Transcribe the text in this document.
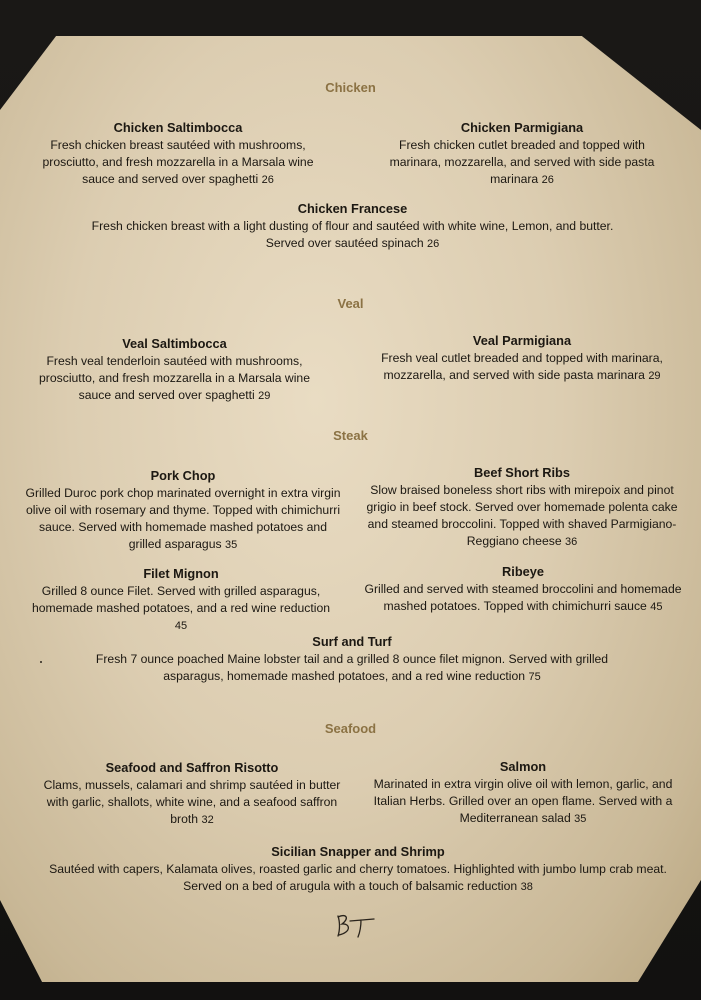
Chicken
Veal
Steak
Seafood
Chicken Saltimbocca
Fresh chicken breast sautéed with mushrooms, prosciutto, and fresh mozzarella in a Marsala wine sauce and served over spaghetti 26
Chicken Parmigiana
Fresh chicken cutlet breaded and topped with marinara, mozzarella, and served with side pasta marinara 26
Chicken Francese
Fresh chicken breast with a light dusting of flour and sautéed with white wine, Lemon, and butter. Served over sautéed spinach 26
Veal Saltimbocca
Fresh veal tenderloin sautéed with mushrooms, prosciutto, and fresh mozzarella in a Marsala wine sauce and served over spaghetti 29
Veal Parmigiana
Fresh veal cutlet breaded and topped with marinara, mozzarella, and served with side pasta marinara 29
Pork Chop
Grilled Duroc pork chop marinated overnight in extra virgin olive oil with rosemary and thyme. Topped with chimichurri sauce. Served with homemade mashed potatoes and grilled asparagus 35
Beef Short Ribs
Slow braised boneless short ribs with mirepoix and pinot grigio in beef stock. Served over homemade polenta cake and steamed broccolini. Topped with shaved Parmigiano-Reggiano cheese 36
Filet Mignon
Grilled 8 ounce Filet. Served with grilled asparagus, homemade mashed potatoes, and a red wine reduction 45
Ribeye
Grilled and served with steamed broccolini and homemade mashed potatoes. Topped with chimichurri sauce 45
Surf and Turf
Fresh 7 ounce poached Maine lobster tail and a grilled 8 ounce filet mignon. Served with grilled asparagus, homemade mashed potatoes, and a red wine reduction 75
Seafood and Saffron Risotto
Clams, mussels, calamari and shrimp sautéed in butter with garlic, shallots, white wine, and a seafood saffron broth 32
Salmon
Marinated in extra virgin olive oil with lemon, garlic, and Italian Herbs. Grilled over an open flame. Served with a Mediterranean salad 35
Sicilian Snapper and Shrimp
Sautéed with capers, Kalamata olives, roasted garlic and cherry tomatoes. Highlighted with jumbo lump crab meat. Served on a bed of arugula with a touch of balsamic reduction 38
